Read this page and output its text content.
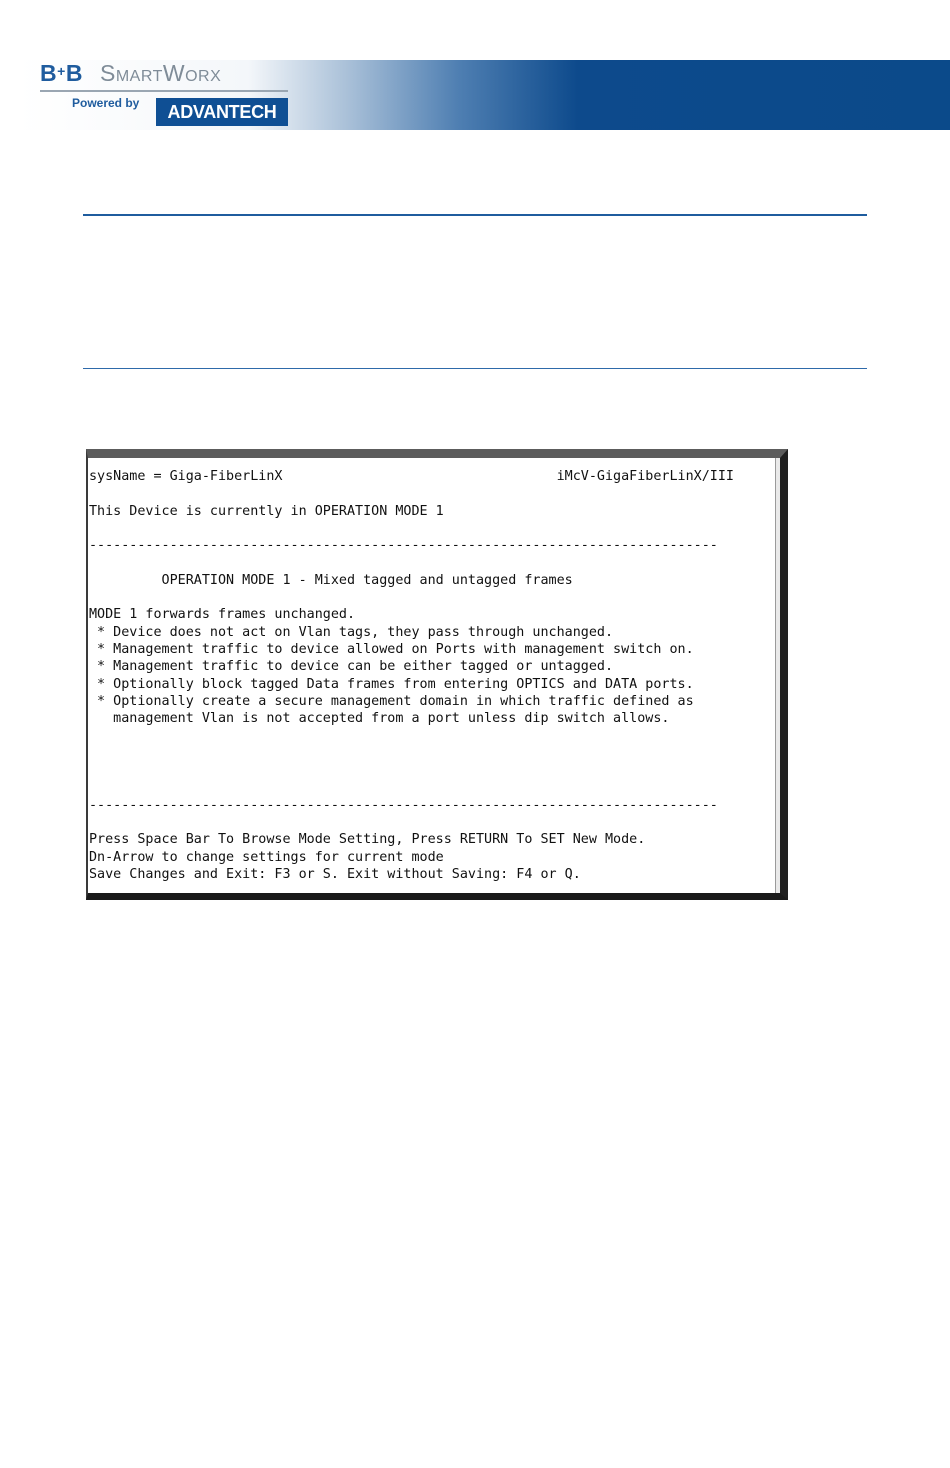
B+B SmartWorx
Powered by	ADVANTECH
sysName = Giga-FiberLinX                                  iMcV-GigaFiberLinX/III
This Device is currently in OPERATION MODE 1
------------------------------------------------------------------------------
OPERATION MODE 1 - Mixed tagged and untagged frames
MODE 1 forwards frames unchanged.
* Device does not act on Vlan tags, they pass through unchanged.
* Management traffic to device allowed on Ports with management switch on.
* Management traffic to device can be either tagged or untagged.
* Optionally block tagged Data frames from entering OPTICS and DATA ports.
* Optionally create a secure management domain in which traffic defined as
management Vlan is not accepted from a port unless dip switch allows.
------------------------------------------------------------------------------
Press Space Bar To Browse Mode Setting, Press RETURN To SET New Mode.
Dn-Arrow to change settings for current mode
Save Changes and Exit: F3 or S. Exit without Saving: F4 or Q.
